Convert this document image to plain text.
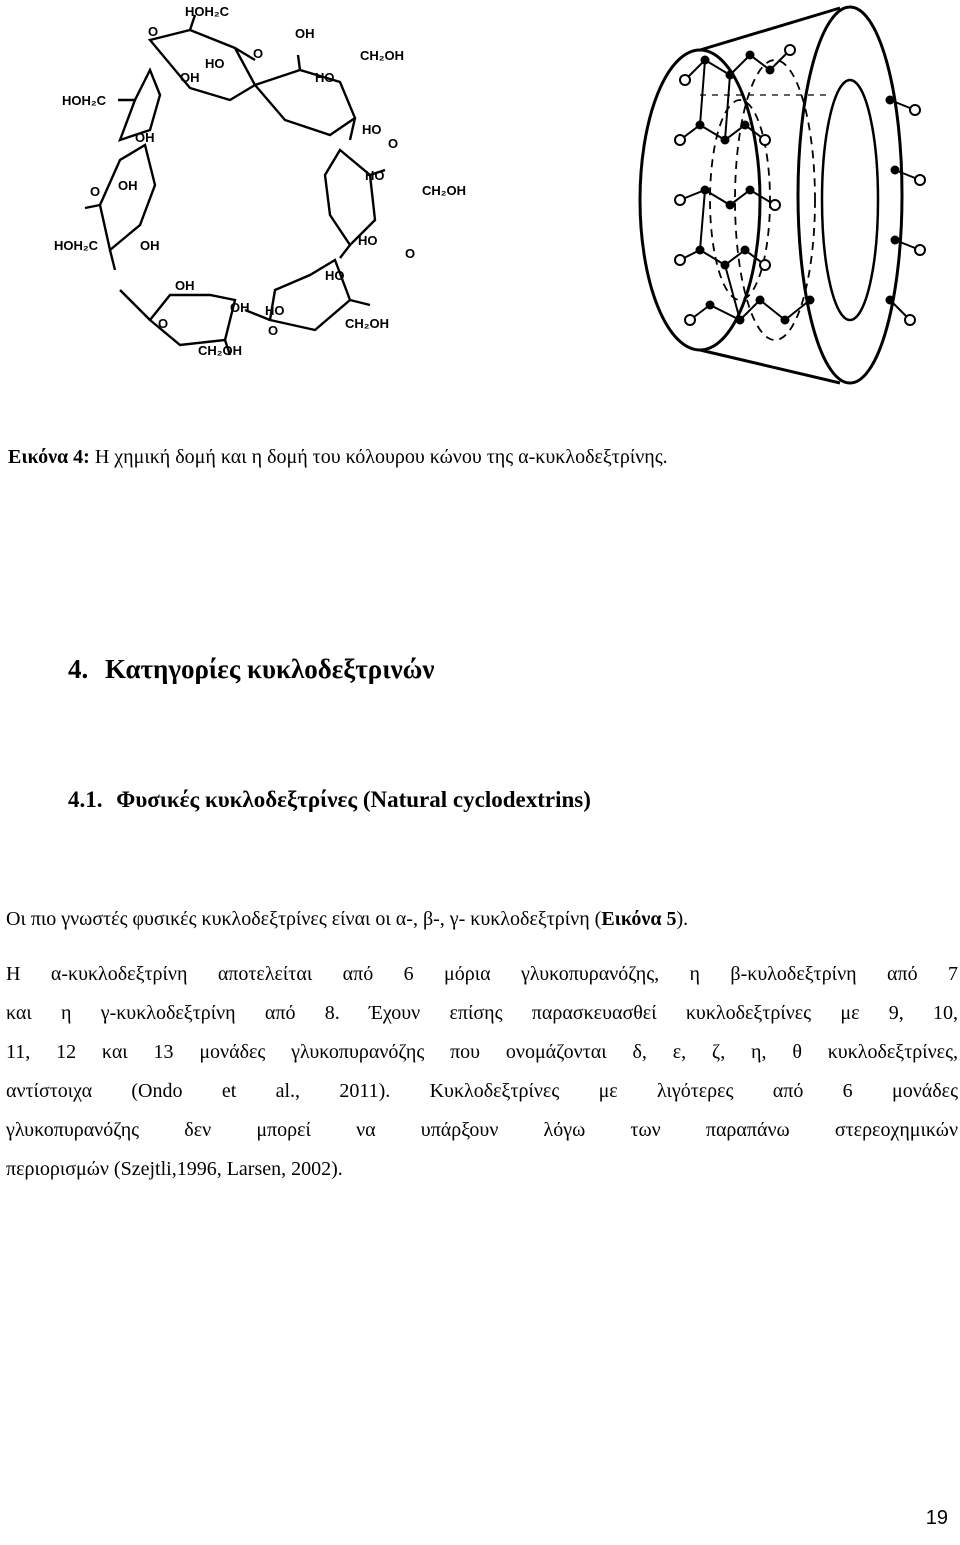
HOH₂C
HOH₂C
HOH₂C
CH₂OH
CH₂OH
CH₂OH
CH₂OH
OH
OH
OH
OH
OH
OH
OH
HO
HO
HO
HO
HO
HO
HO
O
O
O
O
O
O
O
Εικόνα 4: Η χημική δομή και η δομή του κόλουρου κώνου της α-κυκλοδεξτρίνης.
4. Κατηγορίες κυκλοδεξτρινών
4.1. Φυσικές κυκλοδεξτρίνες (Natural cyclodextrins)
Οι πιο γνωστές φυσικές κυκλοδεξτρίνες είναι οι α-, β-, γ- κυκλοδεξτρίνη (Εικόνα 5).
Η α-κυκλοδεξτρίνη αποτελείται από 6 μόρια γλυκοπυρανόζης, η β-κυλοδεξτρίνη από 7
και η γ-κυκλοδεξτρίνη από 8. Έχουν επίσης παρασκευασθεί κυκλοδεξτρίνες με 9, 10,
11, 12 και 13 μονάδες γλυκοπυρανόζης που ονομάζονται δ, ε, ζ, η, θ κυκλοδεξτρίνες,
αντίστοιχα (Ondo et al., 2011). Κυκλοδεξτρίνες με λιγότερες από 6 μονάδες
γλυκοπυρανόζης δεν μπορεί να υπάρξουν λόγω των παραπάνω στερεοχημικών
περιορισμών (Szejtli,1996, Larsen, 2002).
19
